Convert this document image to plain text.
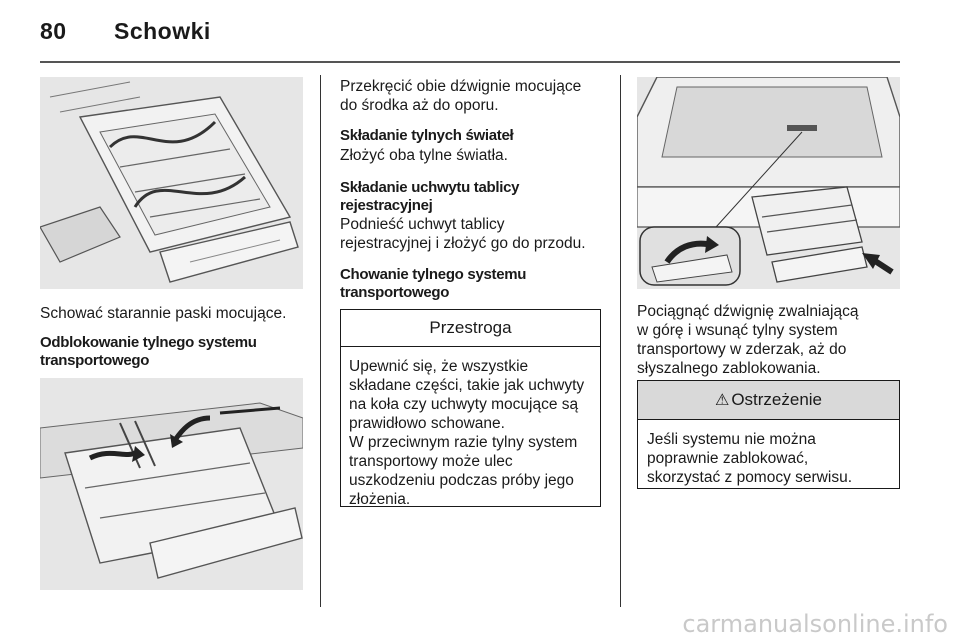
80 Schowki
Schować starannie paski mocujące.
Odblokowanie tylnego systemu
transportowego
Przekręcić obie dźwignie mocujące
do środka aż do oporu.
Składanie tylnych świateł
Złożyć oba tylne światła.
Składanie uchwytu tablicy
rejestracyjnej
Podnieść uchwyt tablicy
rejestracyjnej i złożyć go do przodu.
Chowanie tylnego systemu
transportowego
Przestroga
Upewnić się, że wszystkie
składane części, takie jak uchwyty
na koła czy uchwyty mocujące są
prawidłowo schowane.
W przeciwnym razie tylny system
transportowy może ulec
uszkodzeniu podczas próby jego
złożenia.
Pociągnąć dźwignię zwalniającą
w górę i wsunąć tylny system
transportowy w zderzak, aż do
słyszalnego zablokowania.
⚠ Ostrzeżenie
Jeśli systemu nie można
poprawnie zablokować,
skorzystać z pomocy serwisu.
carmanualsonline.info
